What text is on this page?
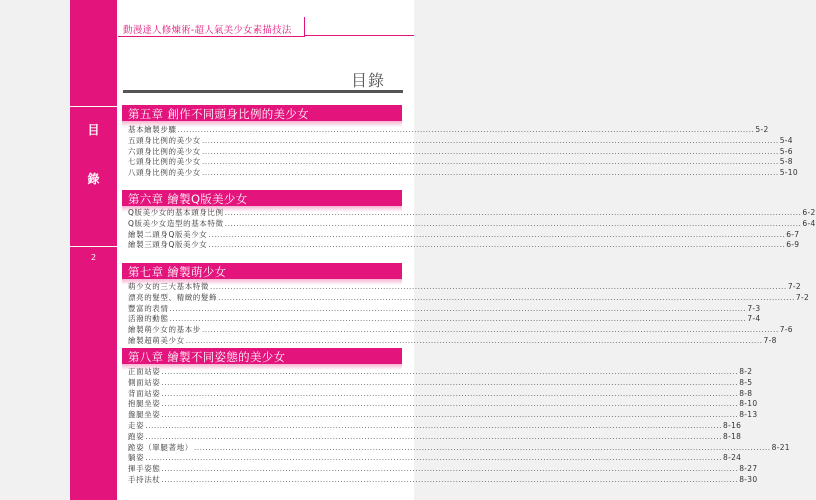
目
錄
2
動漫達人修煉術-超人氣美少女素描技法
目錄
第五章 創作不同頭身比例的美少女
基本繪製步驟 ........................................................................................................................................................................................................ 5-2
五頭身比例的美少女 ........................................................................................................................................................................................................ 5-4
六頭身比例的美少女 ........................................................................................................................................................................................................ 5-6
七頭身比例的美少女 ........................................................................................................................................................................................................ 5-8
八頭身比例的美少女 ........................................................................................................................................................................................................ 5-10
第六章 繪製Q版美少女
Q版美少女的基本頭身比例 ........................................................................................................................................................................................................ 6-2
Q版美少女造型的基本特徵 ........................................................................................................................................................................................................ 6-4
繪製二頭身Q版美少女 ........................................................................................................................................................................................................ 6-7
繪製三頭身Q版美少女 ........................................................................................................................................................................................................ 6-9
第七章 繪製萌少女
萌少女的三大基本特徵 ........................................................................................................................................................................................................ 7-2
漂亮的髮型、精緻的髮飾 ........................................................................................................................................................................................................ 7-2
豐富的表情 ........................................................................................................................................................................................................ 7-3
活潑的動態 ........................................................................................................................................................................................................ 7-4
繪製萌少女的基本步 ........................................................................................................................................................................................................ 7-6
繪製超萌美少女 ........................................................................................................................................................................................................ 7-8
第八章 繪製不同姿態的美少女
正面站姿 ........................................................................................................................................................................................................ 8-2
側面站姿 ........................................................................................................................................................................................................ 8-5
背面站姿 ........................................................................................................................................................................................................ 8-8
抱腿坐姿 ........................................................................................................................................................................................................ 8-10
盤腿坐姿 ........................................................................................................................................................................................................ 8-13
走姿 ........................................................................................................................................................................................................ 8-16
跑姿 ........................................................................................................................................................................................................ 8-18
跪姿（單腿著地） ........................................................................................................................................................................................................ 8-21
躺姿 ........................................................................................................................................................................................................ 8-24
揮手姿態 ........................................................................................................................................................................................................ 8-27
手持法杖 ........................................................................................................................................................................................................ 8-30
